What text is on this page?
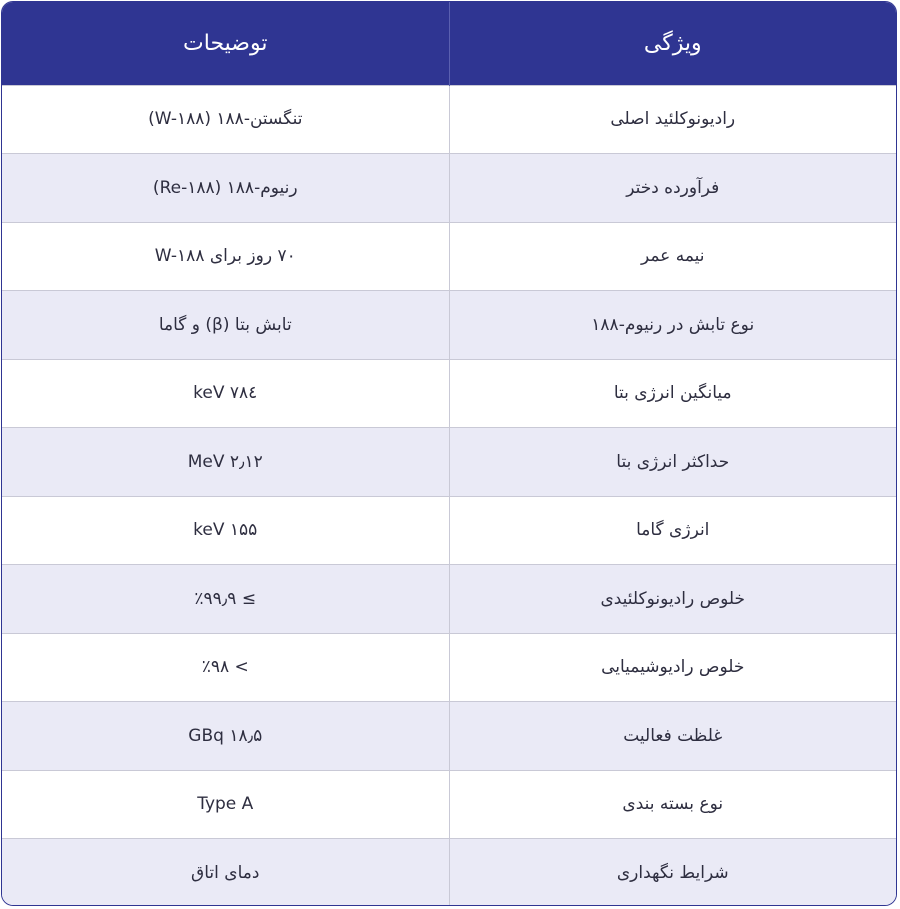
ویژگی	توضیحات
رادیونوکلئید اصلی	تنگستن-۱۸۸ (W-۱۸۸)
فرآورده دختر	رنیوم-۱۸۸ (Re-۱۸۸)
نیمه عمر	۷۰ روز برای W-۱۸۸
نوع تابش در رنیوم-۱۸۸	تابش بتا (β) و گاما
میانگین انرژی بتا	۷۸٤ keV
حداکثر انرژی بتا	۲٫۱۲ MeV
انرژی گاما	۱۵۵ keV
خلوص رادیونوکلئیدی	≥ ٪۹۹٫۹
خلوص رادیوشیمیایی	> ٪۹۸
غلظت فعالیت	۱۸٫۵ GBq
نوع بسته بندی	Type A
شرایط نگهداری	دمای اتاق
